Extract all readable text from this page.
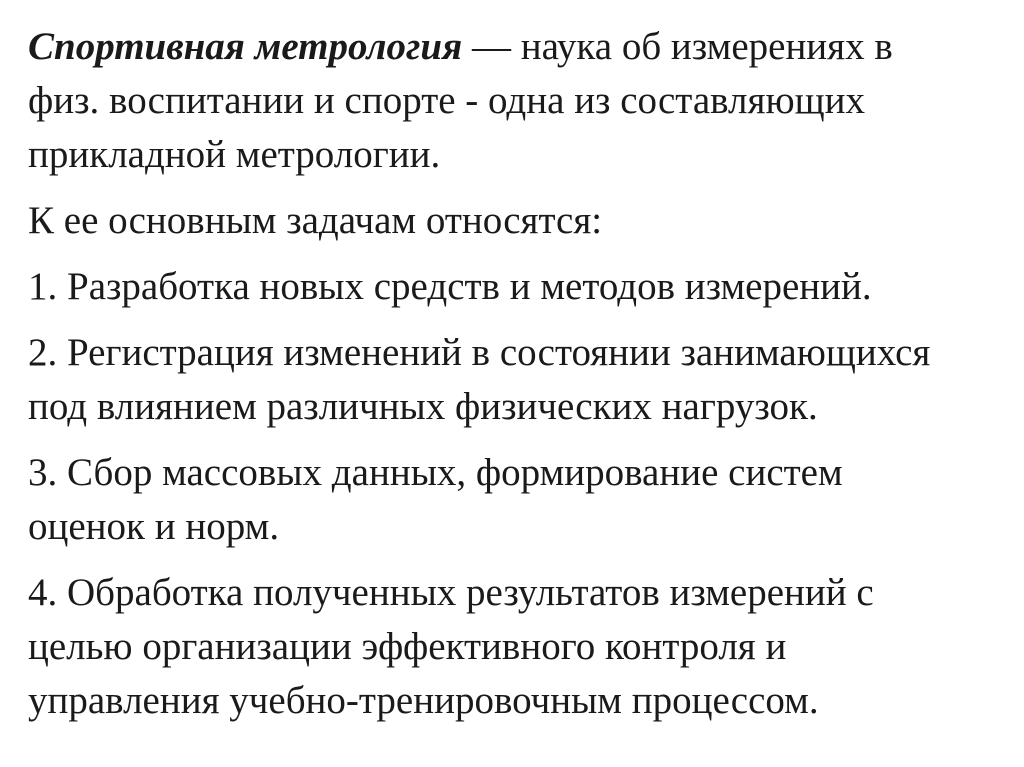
Спортивная метрология — наука об измерениях в
физ. воспитании и спорте - одна из составляющих
прикладной метрологии.

К ее основным задачам относятся:

1. Разработка новых средств и методов измерений.

2. Регистрация изменений в состоянии занимающихся
под влиянием различных физических нагрузок.

3. Сбор массовых данных, формирование систем
оценок и норм.

4. Обработка полученных результатов измерений с
целью организации эффективного контроля и
управления учебно-тренировочным процессом.
